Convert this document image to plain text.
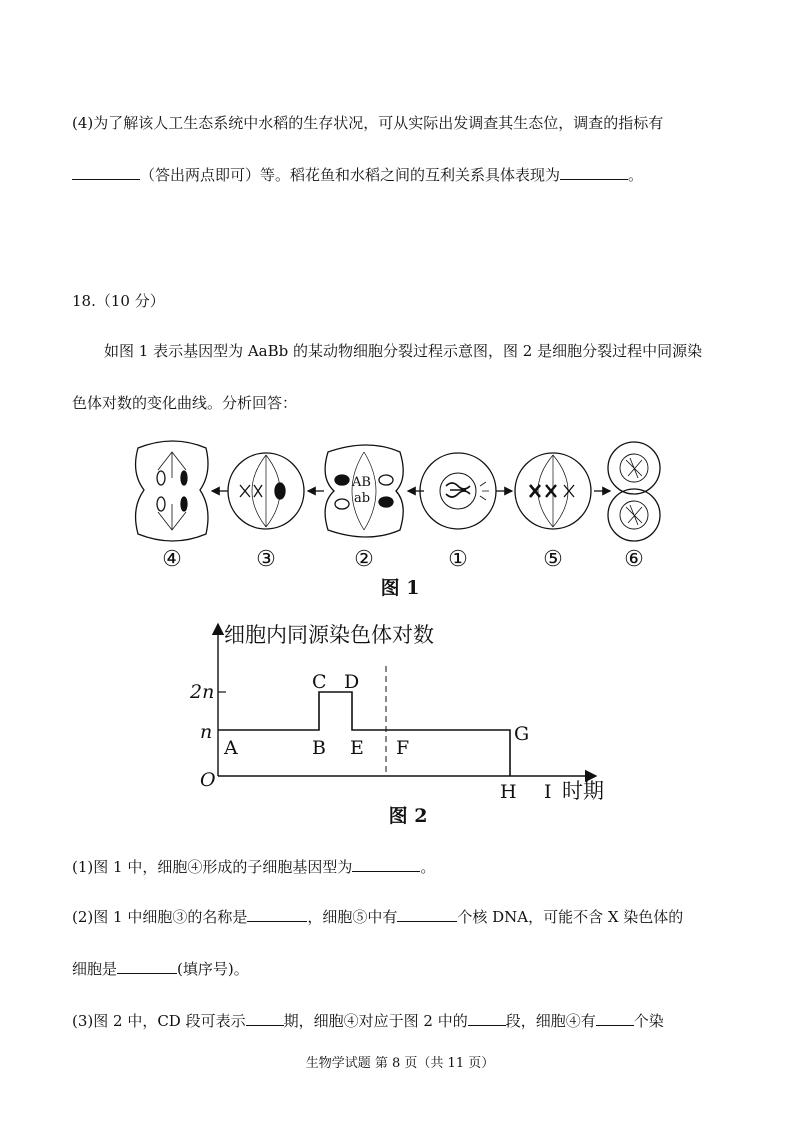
(4)为了解该人工生态系统中水稻的生存状况，可从实际出发调查其生态位，调查的指标有
（答出两点即可）等。稻花鱼和水稻之间的互利关系具体表现为	。
18.（10 分）
如图 1 表示基因型为 AaBb 的某动物细胞分裂过程示意图，图 2 是细胞分裂过程中同源染
色体对数的变化曲线。分析回答：
AB
ab
④	③	②	①	⑤	⑥
图 1
细胞内同源染色体对数
2n
n
O
A	B
C D
E F
G
H I 时期
图 2
(1)图 1 中，细胞④形成的子细胞基因型为	。
(2)图 1 中细胞③的名称是	，细胞⑤中有	个核 DNA，可能不含 X 染色体的
细胞是	(填序号)。
(3)图 2 中，CD 段可表示	期，细胞④对应于图 2 中的	段，细胞④有	个染
生物学试题 第 8 页（共 11 页）
